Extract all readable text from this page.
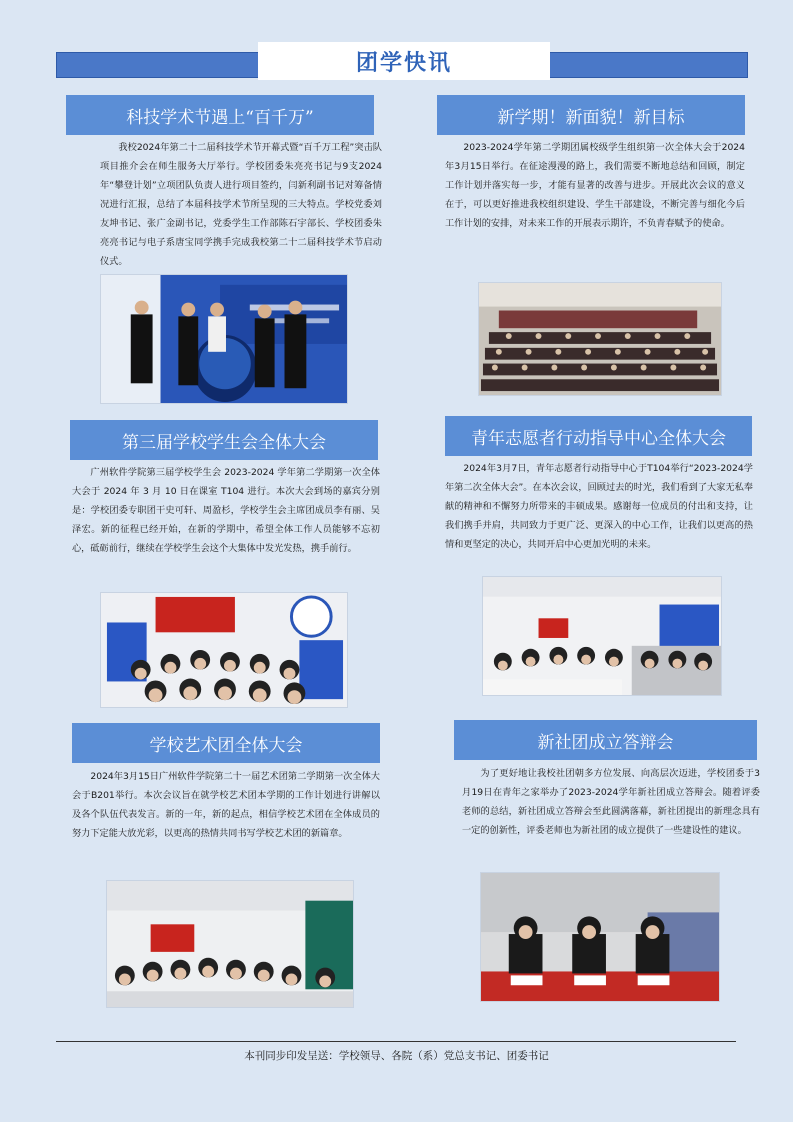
团学快讯
科技学术节遇上“百千万”

我校2024年第二十二届科技学术节开幕式暨“百千万工程”突击队项目推介会在师生服务大厅举行。学校团委朱亮亮书记与9支2024年“攀登计划”立项团队负责人进行项目签约，闫新利副书记对筹备情况进行汇报，总结了本届科技学术节所呈现的三大特点。学校党委刘友坤书记、张广金副书记，党委学生工作部陈石宇部长、学校团委朱亮亮书记与电子系唐宝同学携手完成我校第二十二届科技学术节启动仪式。

新学期！新面貌！新目标

2023-2024学年第二学期团属校级学生组织第一次全体大会于2024年3月15日举行。在征途漫漫的路上，我们需要不断地总结和回顾，制定工作计划并落实每一步，才能有显著的改善与进步。开展此次会议的意义在于，可以更好推进我校组织建设、学生干部建设，不断完善与细化今后工作计划的安排，对未来工作的开展表示期许，不负青春赋予的使命。

第三届学校学生会全体大会

广州软件学院第三届学校学生会 2023-2024 学年第二学期第一次全体大会于 2024 年 3 月 10 日在课室 T104 进行。本次大会到场的嘉宾分别是：学校团委专职团干史可轩、周盈杉，学校学生会主席团成员李有丽、吴泽宏。新的征程已经开始，在新的学期中，希望全体工作人员能够不忘初心，砥砺前行，继续在学校学生会这个大集体中发光发热，携手前行。

青年志愿者行动指导中心全体大会

2024年3月7日，青年志愿者行动指导中心于T104举行“2023-2024学年第二次全体大会”。在本次会议，回顾过去的时光，我们看到了大家无私奉献的精神和不懈努力所带来的丰硕成果。感谢每一位成员的付出和支持，让我们携手并肩，共同致力于更广泛、更深入的中心工作，让我们以更高的热情和更坚定的决心，共同开启中心更加光明的未来。

学校艺术团全体大会

2024年3月15日广州软件学院第二十一届艺术团第二学期第一次全体大会于B201举行。本次会议旨在就学校艺术团本学期的工作计划进行讲解以及各个队伍代表发言。新的一年，新的起点，相信学校艺术团在全体成员的努力下定能大放光彩，以更高的热情共同书写学校艺术团的新篇章。

新社团成立答辩会

为了更好地让我校社团朝多方位发展、向高层次迈进，学校团委于3月19日在青年之家举办了2023-2024学年新社团成立答辩会。随着评委老师的总结，新社团成立答辩会至此圆满落幕，新社团提出的新理念具有一定的创新性，评委老师也为新社团的成立提供了一些建设性的建议。

本刊同步印发呈送：学校领导、各院（系）党总支书记、团委书记
